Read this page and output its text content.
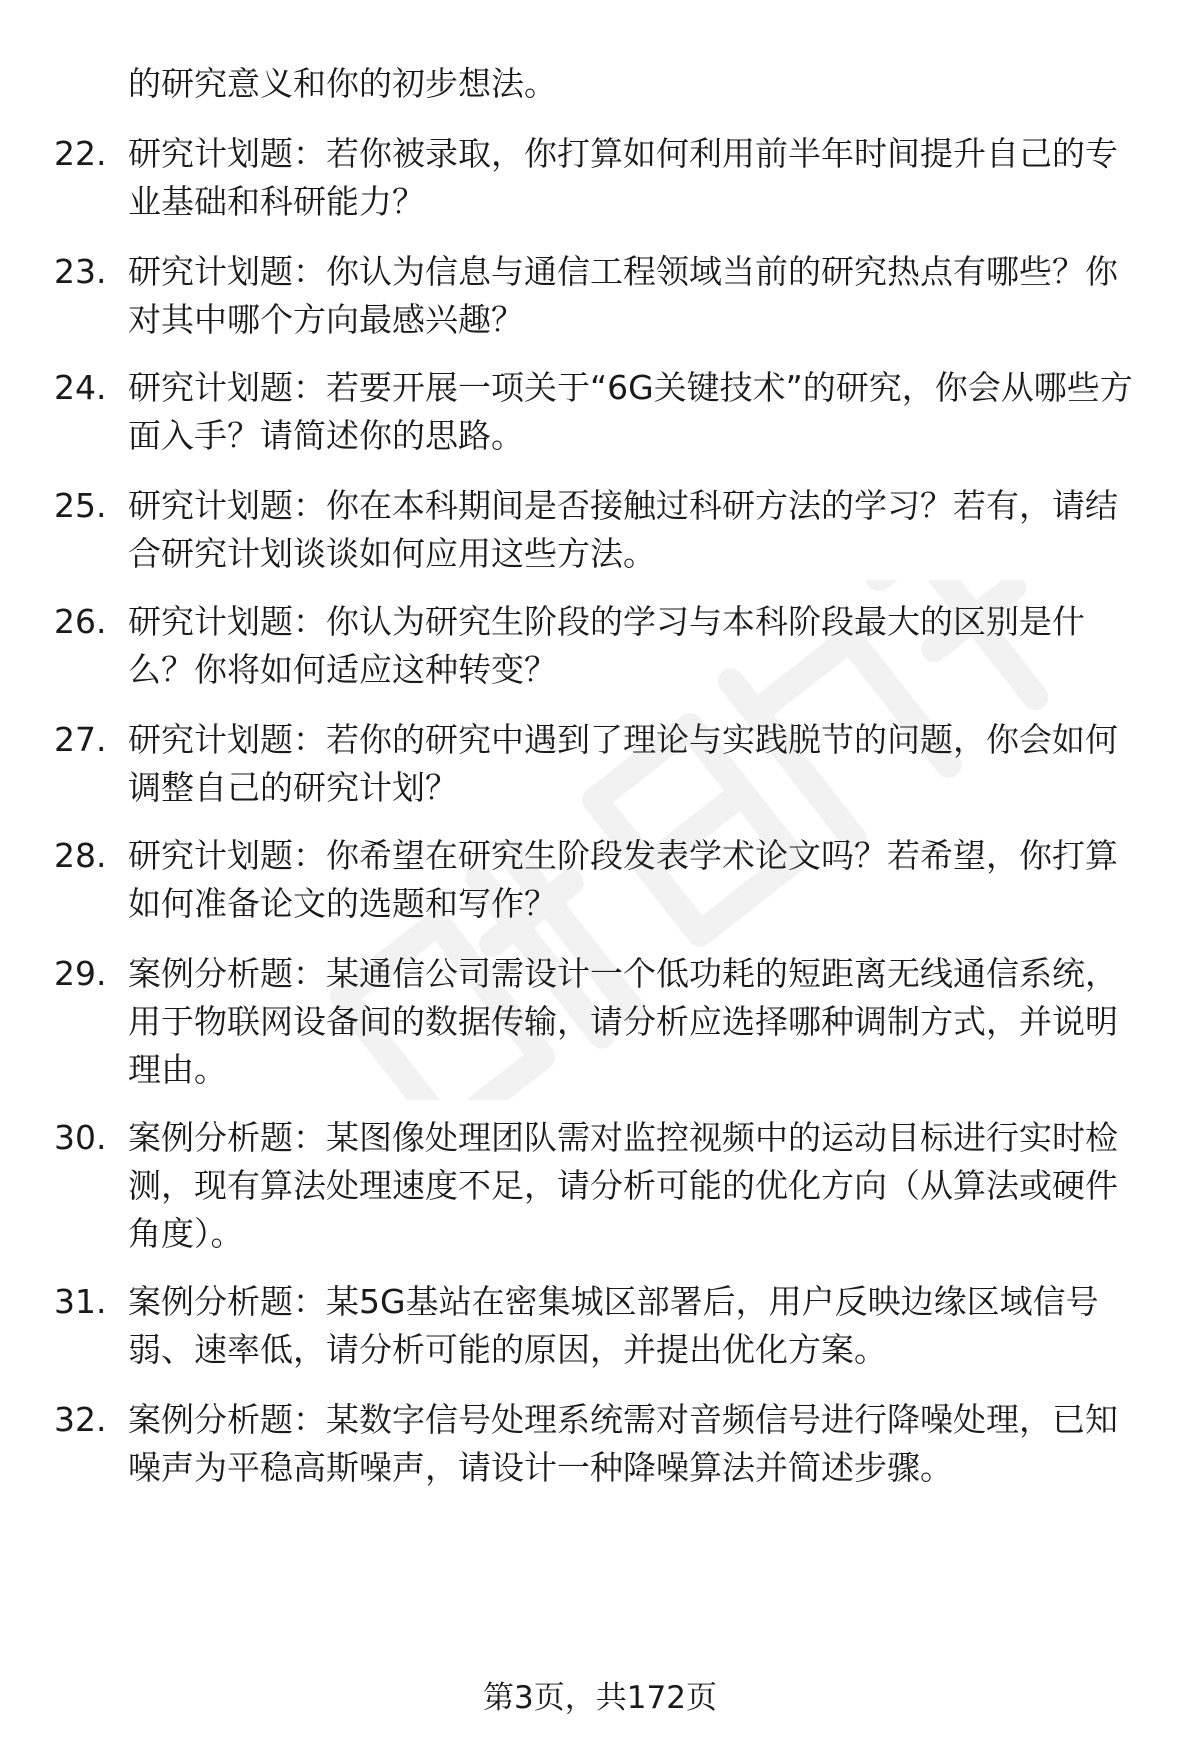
的研究意义和你的初步想法。

22. 研究计划题：若你被录取，你打算如何利用前半年时间提升自己的专业基础和科研能力？

23. 研究计划题：你认为信息与通信工程领域当前的研究热点有哪些？你对其中哪个方向最感兴趣？

24. 研究计划题：若要开展一项关于“6G关键技术”的研究，你会从哪些方面入手？请简述你的思路。

25. 研究计划题：你在本科期间是否接触过科研方法的学习？若有，请结合研究计划谈谈如何应用这些方法。

26. 研究计划题：你认为研究生阶段的学习与本科阶段最大的区别是什么？你将如何适应这种转变？

27. 研究计划题：若你的研究中遇到了理论与实践脱节的问题，你会如何调整自己的研究计划？

28. 研究计划题：你希望在研究生阶段发表学术论文吗？若希望，你打算如何准备论文的选题和写作？

29. 案例分析题：某通信公司需设计一个低功耗的短距离无线通信系统，用于物联网设备间的数据传输，请分析应选择哪种调制方式，并说明理由。

30. 案例分析题：某图像处理团队需对监控视频中的运动目标进行实时检测，现有算法处理速度不足，请分析可能的优化方向（从算法或硬件角度）。

31. 案例分析题：某5G基站在密集城区部署后，用户反映边缘区域信号弱、速率低，请分析可能的原因，并提出优化方案。

32. 案例分析题：某数字信号处理系统需对音频信号进行降噪处理，已知噪声为平稳高斯噪声，请设计一种降噪算法并简述步骤。

第3页，共172页
